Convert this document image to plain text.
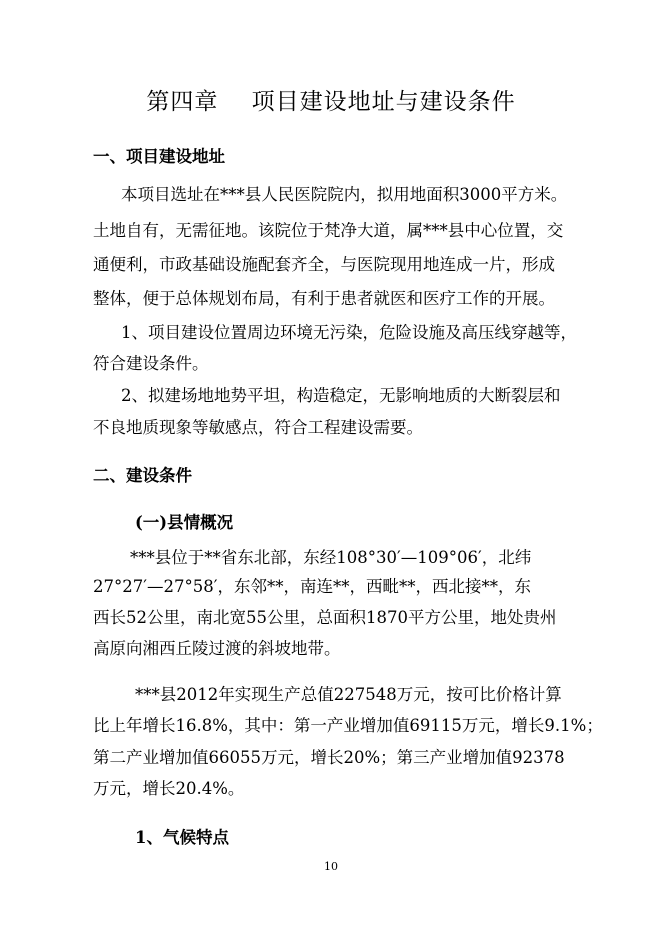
第四章    项目建设地址与建设条件
一、项目建设地址
本项目选址在***县人民医院院内，拟用地面积3000平方米。
土地自有，无需征地。该院位于梵净大道，属***县中心位置，交
通便利，市政基础设施配套齐全，与医院现用地连成一片，形成
整体，便于总体规划布局，有利于患者就医和医疗工作的开展。
1、项目建设位置周边环境无污染，危险设施及高压线穿越等，
符合建设条件。
2、拟建场地地势平坦，构造稳定，无影响地质的大断裂层和
不良地质现象等敏感点，符合工程建设需要。
二、建设条件
(一)县情概况
***县位于**省东北部，东经108°30′—109°06′，北纬
27°27′—27°58′，东邻**，南连**，西毗**，西北接**，东
西长52公里，南北宽55公里，总面积1870平方公里，地处贵州
高原向湘西丘陵过渡的斜坡地带。
***县2012年实现生产总值227548万元，按可比价格计算
比上年增长16.8%，其中：第一产业增加值69115万元，增长9.1%；
第二产业增加值66055万元，增长20%；第三产业增加值92378
万元，增长20.4%。
1、气候特点
10
